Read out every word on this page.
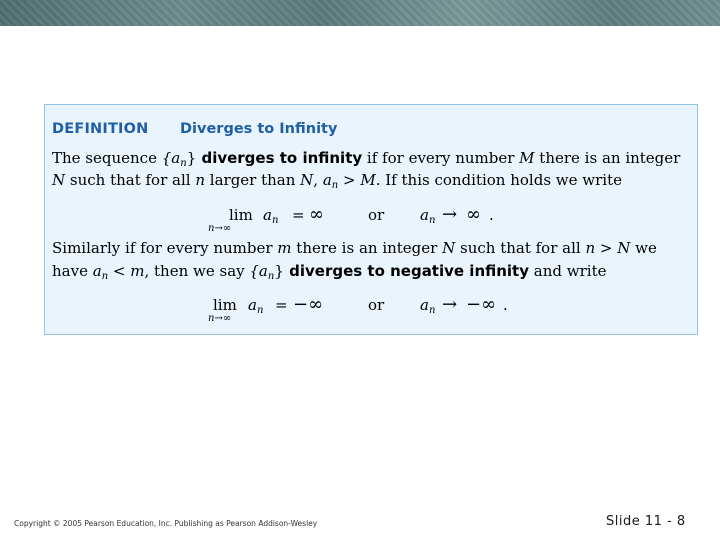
DEFINITION Diverges to Infinity
The sequence $\{a_n\}$ diverges to infinity if for every number M there is an integer
N such that for all n larger than N, $a_n > M$. If this condition holds we write
lim
n→∞
$a_n$ = ∞	or $a_n$ → ∞ .
Similarly if for every number m there is an integer N such that for all n > N we
have $a_n < m$, then we say $\{a_n\}$ diverges to negative infinity and write
lim
n→∞
$a_n$ = −∞	or $a_n$ → −∞ .
Copyright © 2005 Pearson Education, Inc. Publishing as Pearson Addison-Wesley	Slide 11 - 8
